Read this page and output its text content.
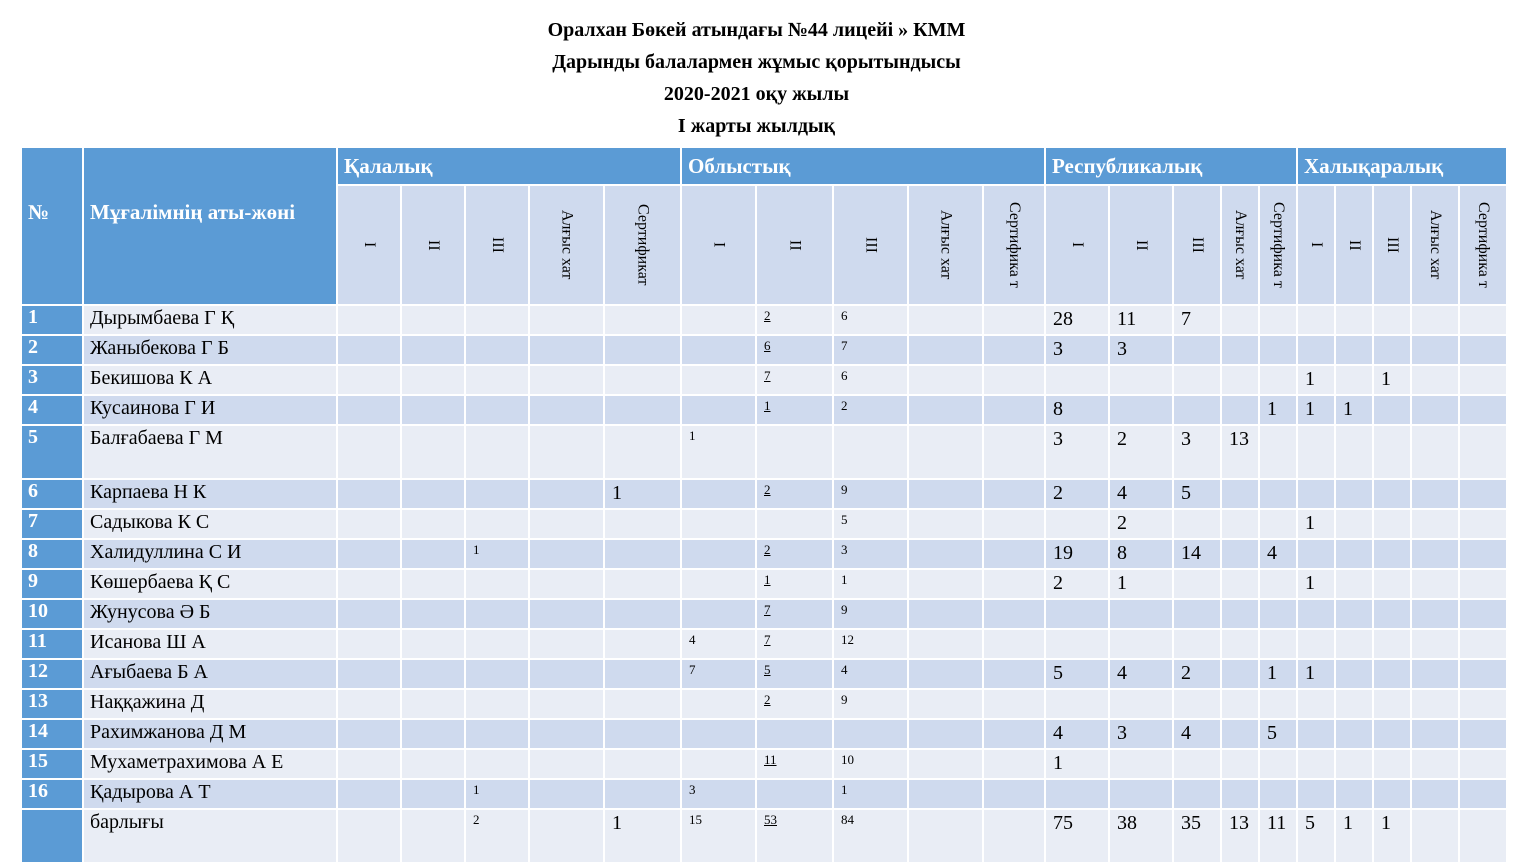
Оралхан Бөкей атындағы №44 лицейі » КММ
Дарынды балалармен жұмыс қорытындысы
2020-2021 оқу жылы
І жарты жылдық
№	Мұғалімнің аты-жөні	Қалалық					Облыстық					Республикалық					Халықаралық				

		І	ІІ	ІІІ	Алғыс хат	Сертификат	І	ІІ	ІІІ	Алғыс хат	Сертифика т	І	ІІ	ІІІ	Алғыс хат	Сертифика т	І	ІІ	ІІІ	Алғыс хат	Сертифика т

1	Дырымбаева Г Қ							2	6			28	11	7							
2	Жаныбекова Г Б							6	7			3	3								
3	Бекишова К А							7	6								1		1		
4	Кусаинова Г И							1	2			8				1	1	1			
5	Балғабаева Г М						1					3	2	3	13						
6	Карпаева Н К					1		2	9			2	4	5							
7	Садыкова К С								5				2				1				
8	Халидуллина С И			1				2	3			19	8	14		4					
9	Көшербаева Қ С							1	1			2	1				1				
10	Жунусова Ә Б							7	9												
11	Исанова Ш А						4	7	12												
12	Ағыбаева Б А						7	5	4			5	4	2		1	1				
13	Наққажина Д							2	9												
14	Рахимжанова Д М											4	3	4		5					
15	Мухаметрахимова А Е							11	10			1									
16	Қадырова А Т			1			3		1												
	барлығы			2		1	15	53	84			75	38	35	13	11	5	1	1		
